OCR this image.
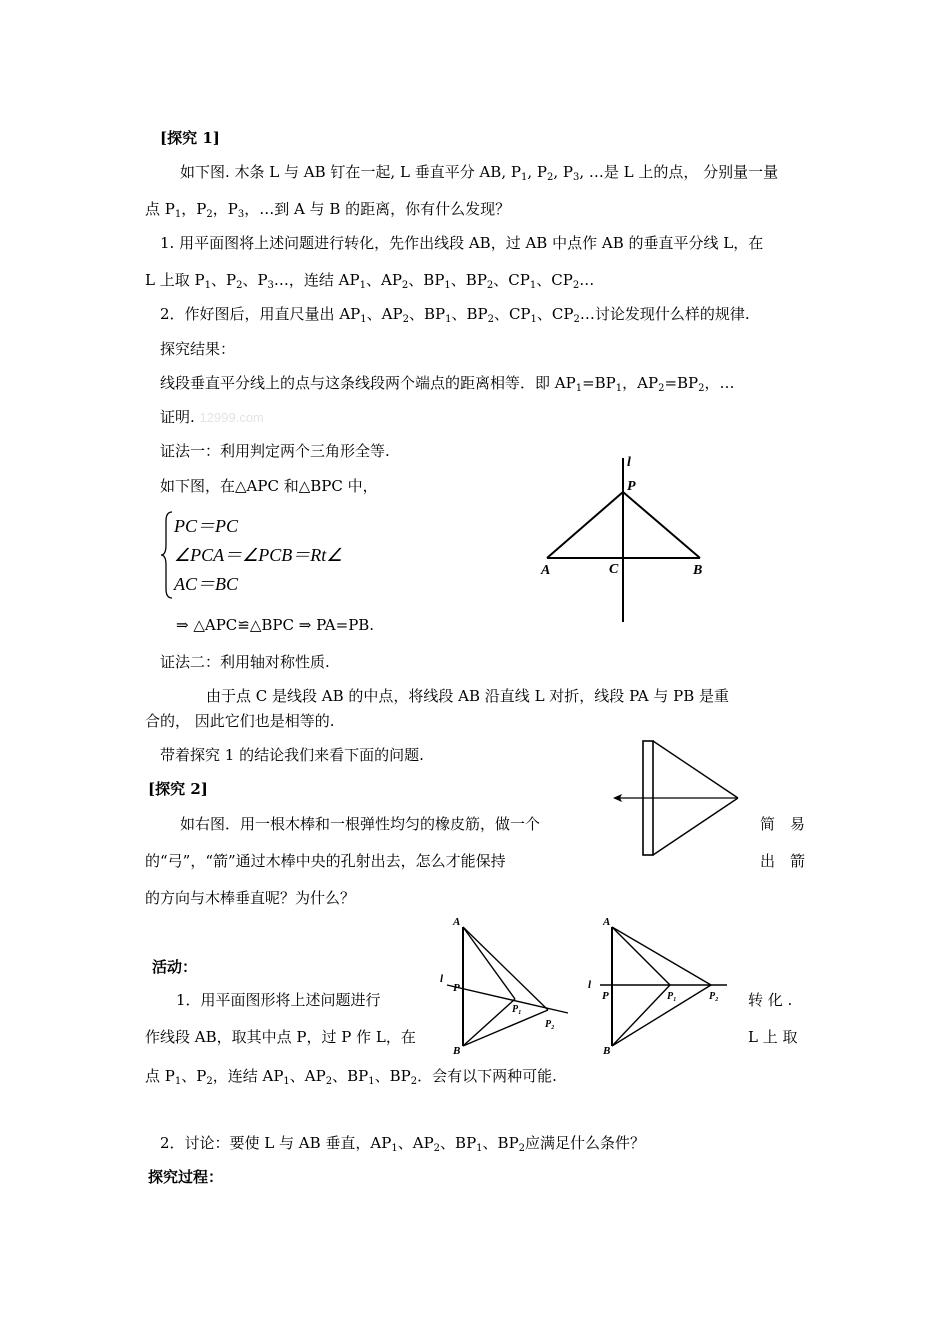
[探究 1]
如下图. 木条 L 与 AB 钉在一起, L 垂直平分 AB, $P_1$, $P_2$, $P_3$, …是 L 上的点， 分别量一量
点 $P_1$，$P_2$，$P_3$，…到 A 与 B 的距离，你有什么发现？
1. 用平面图将上述问题进行转化，先作出线段 AB，过 AB 中点作 AB 的垂直平分线 L，在
L 上取 $P_1$、$P_2$、$P_3\dots$，连结 $AP_1$、$AP_2$、$BP_1$、$BP_2$、$CP_1$、$CP_2\dots$
2．作好图后，用直尺量出 $AP_1$、$AP_2$、$BP_1$、$BP_2$、$CP_1$、$CP_2\dots$讨论发现什么样的规律.
探究结果：
线段垂直平分线上的点与这条线段两个端点的距离相等．即 $AP_1=BP_1$，$AP_2=BP_2$，…
证明. 12999.com
证法一：利用判定两个三角形全等.
如下图，在△APC 和△BPC 中，
PC＝PC
∠PCA＝∠PCB＝Rt∠
AC＝BC
⇒ △APC≌△BPC ⇒ PA=PB.
证法二：利用轴对称性质.
由于点 C 是线段 AB 的中点，将线段 AB 沿直线 L 对折，线段 PA 与 PB 是重
合的， 因此它们也是相等的.
带着探究 1 的结论我们来看下面的问题.
l
P
A	C	B
[探究 2]
如右图．用一根木棒和一根弹性均匀的橡皮筋，做一个	简 易
的“弓”，“箭”通过木棒中央的孔射出去，怎么才能保持	出 箭
的方向与木棒垂直呢？为什么？
活动：
1．用平面图形将上述问题进行	转 化 .
作线段 AB，取其中点 P，过 P 作 L，在	L 上 取
点 $P_1$、$P_2$，连结 $AP_1$、$AP_2$、$BP_1$、$BP_2$．会有以下两种可能.
A
B
l
P
P₁
P₂
A
B
l
P	P₁	P₂
2．讨论：要使 L 与 AB 垂直，$AP_1$、$AP_2$、$BP_1$、$BP_2$应满足什么条件？
探究过程：
